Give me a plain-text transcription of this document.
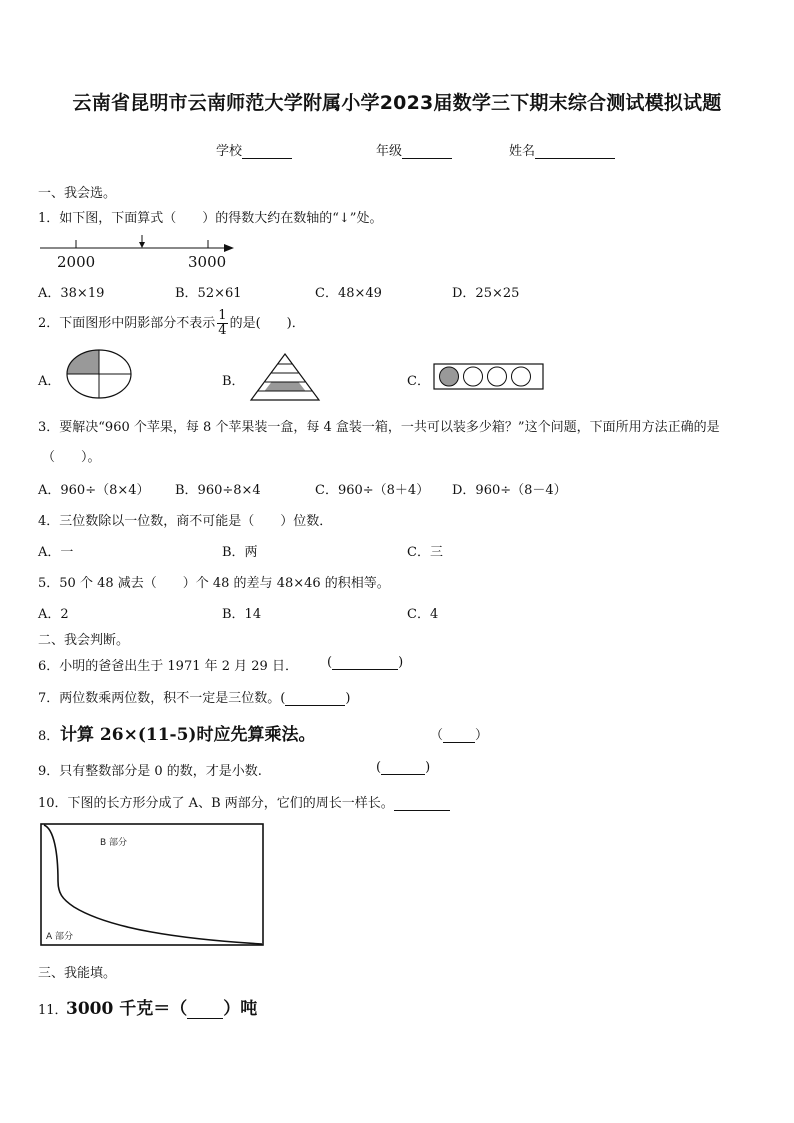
云南省昆明市云南师范大学附属小学2023届数学三下期末综合测试模拟试题
学校	年级	姓名
一、我会选。
1．如下图，下面算式（　　）的得数大约在数轴的“↓”处。
2000	3000
A．38×19	B．52×61	C．48×49	D．25×25
2．下面图形中阴影部分不表示 $\frac{1}{4}$ 的是(　　)．
A．	B．	C．
3．要解决“960 个苹果，每 8 个苹果装一盒，每 4 盒装一箱，一共可以装多少箱？”这个问题，下面所用方法正确的是
（　　）。
A．960÷（8×4） B．960÷8×4	C．960÷（8＋4） D．960÷（8－4）
4．三位数除以一位数，商不可能是（　　）位数．
A．一	B．两	C．三
5．50 个 48 减去（　　）个 48 的差与 48×46 的积相等。
A．2	B．14	C．4
二、我会判断。
6．小明的爸爸出生于 1971 年 2 月 29 日． (	)
7．两位数乘两位数，积不一定是三位数。(	)
8． 计算 26×(11-5)时应先算乘法。	（ ）
9．只有整数部分是 0 的数，才是小数.	(	)
10．下图的长方形分成了 A、B 两部分，它们的周长一样长。
B 部分
A 部分
三、我能填。
11．
3000 千克＝（ ）吨
